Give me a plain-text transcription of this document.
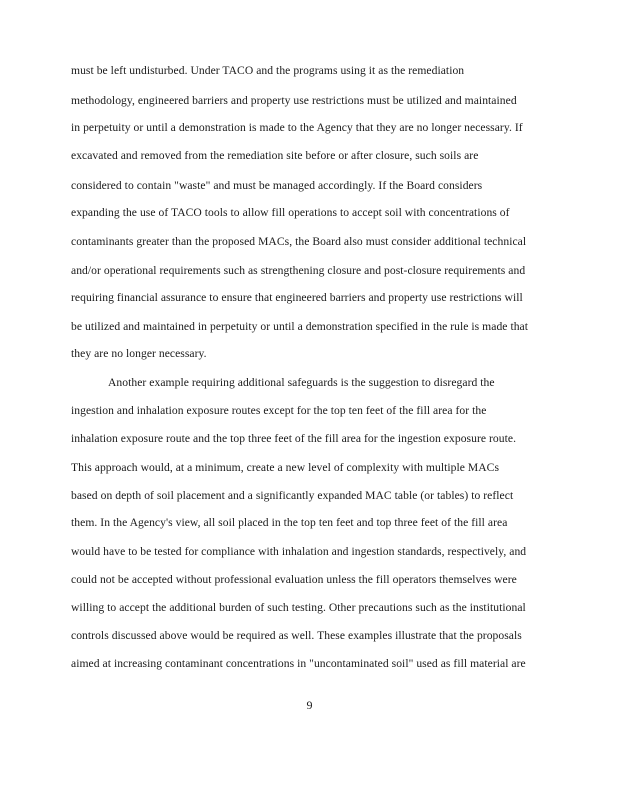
must be left undisturbed. Under TACO and the programs using it as the remediation
methodology, engineered barriers and property use restrictions must be utilized and maintained
in perpetuity or until a demonstration is made to the Agency that they are no longer necessary. If
excavated and removed from the remediation site before or after closure, such soils are
considered to contain "waste" and must be managed accordingly. If the Board considers
expanding the use of TACO tools to allow fill operations to accept soil with concentrations of
contaminants greater than the proposed MACs, the Board also must consider additional technical
and/or operational requirements such as strengthening closure and post-closure requirements and
requiring financial assurance to ensure that engineered barriers and property use restrictions will
be utilized and maintained in perpetuity or until a demonstration specified in the rule is made that
they are no longer necessary.
Another example requiring additional safeguards is the suggestion to disregard the
ingestion and inhalation exposure routes except for the top ten feet of the fill area for the
inhalation exposure route and the top three feet of the fill area for the ingestion exposure route.
This approach would, at a minimum, create a new level of complexity with multiple MACs
based on depth of soil placement and a significantly expanded MAC table (or tables) to reflect
them. In the Agency's view, all soil placed in the top ten feet and top three feet of the fill area
would have to be tested for compliance with inhalation and ingestion standards, respectively, and
could not be accepted without professional evaluation unless the fill operators themselves were
willing to accept the additional burden of such testing. Other precautions such as the institutional
controls discussed above would be required as well. These examples illustrate that the proposals
aimed at increasing contaminant concentrations in "uncontaminated soil" used as fill material are
9
